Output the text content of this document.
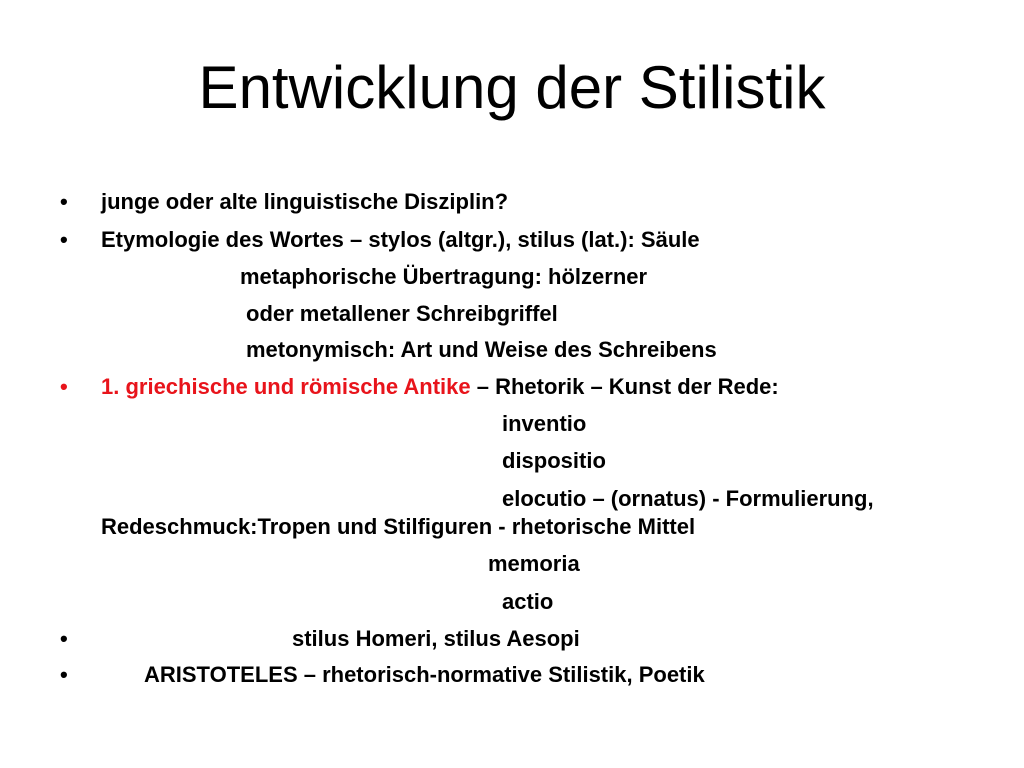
Entwicklung der Stilistik
• junge oder alte linguistische Disziplin?
• Etymologie des Wortes – stylos (altgr.), stilus (lat.): Säule
metaphorische Übertragung: hölzerner
oder metallener Schreibgriffel
metonymisch: Art und Weise des Schreibens
• 1. griechische und römische Antike – Rhetorik – Kunst der Rede:
inventio
dispositio
elocutio – (ornatus) - Formulierung,
Redeschmuck:Tropen und Stilfiguren - rhetorische Mittel
memoria
actio
•	stilus Homeri, stilus Aesopi
•	ARISTOTELES – rhetorisch-normative Stilistik, Poetik
